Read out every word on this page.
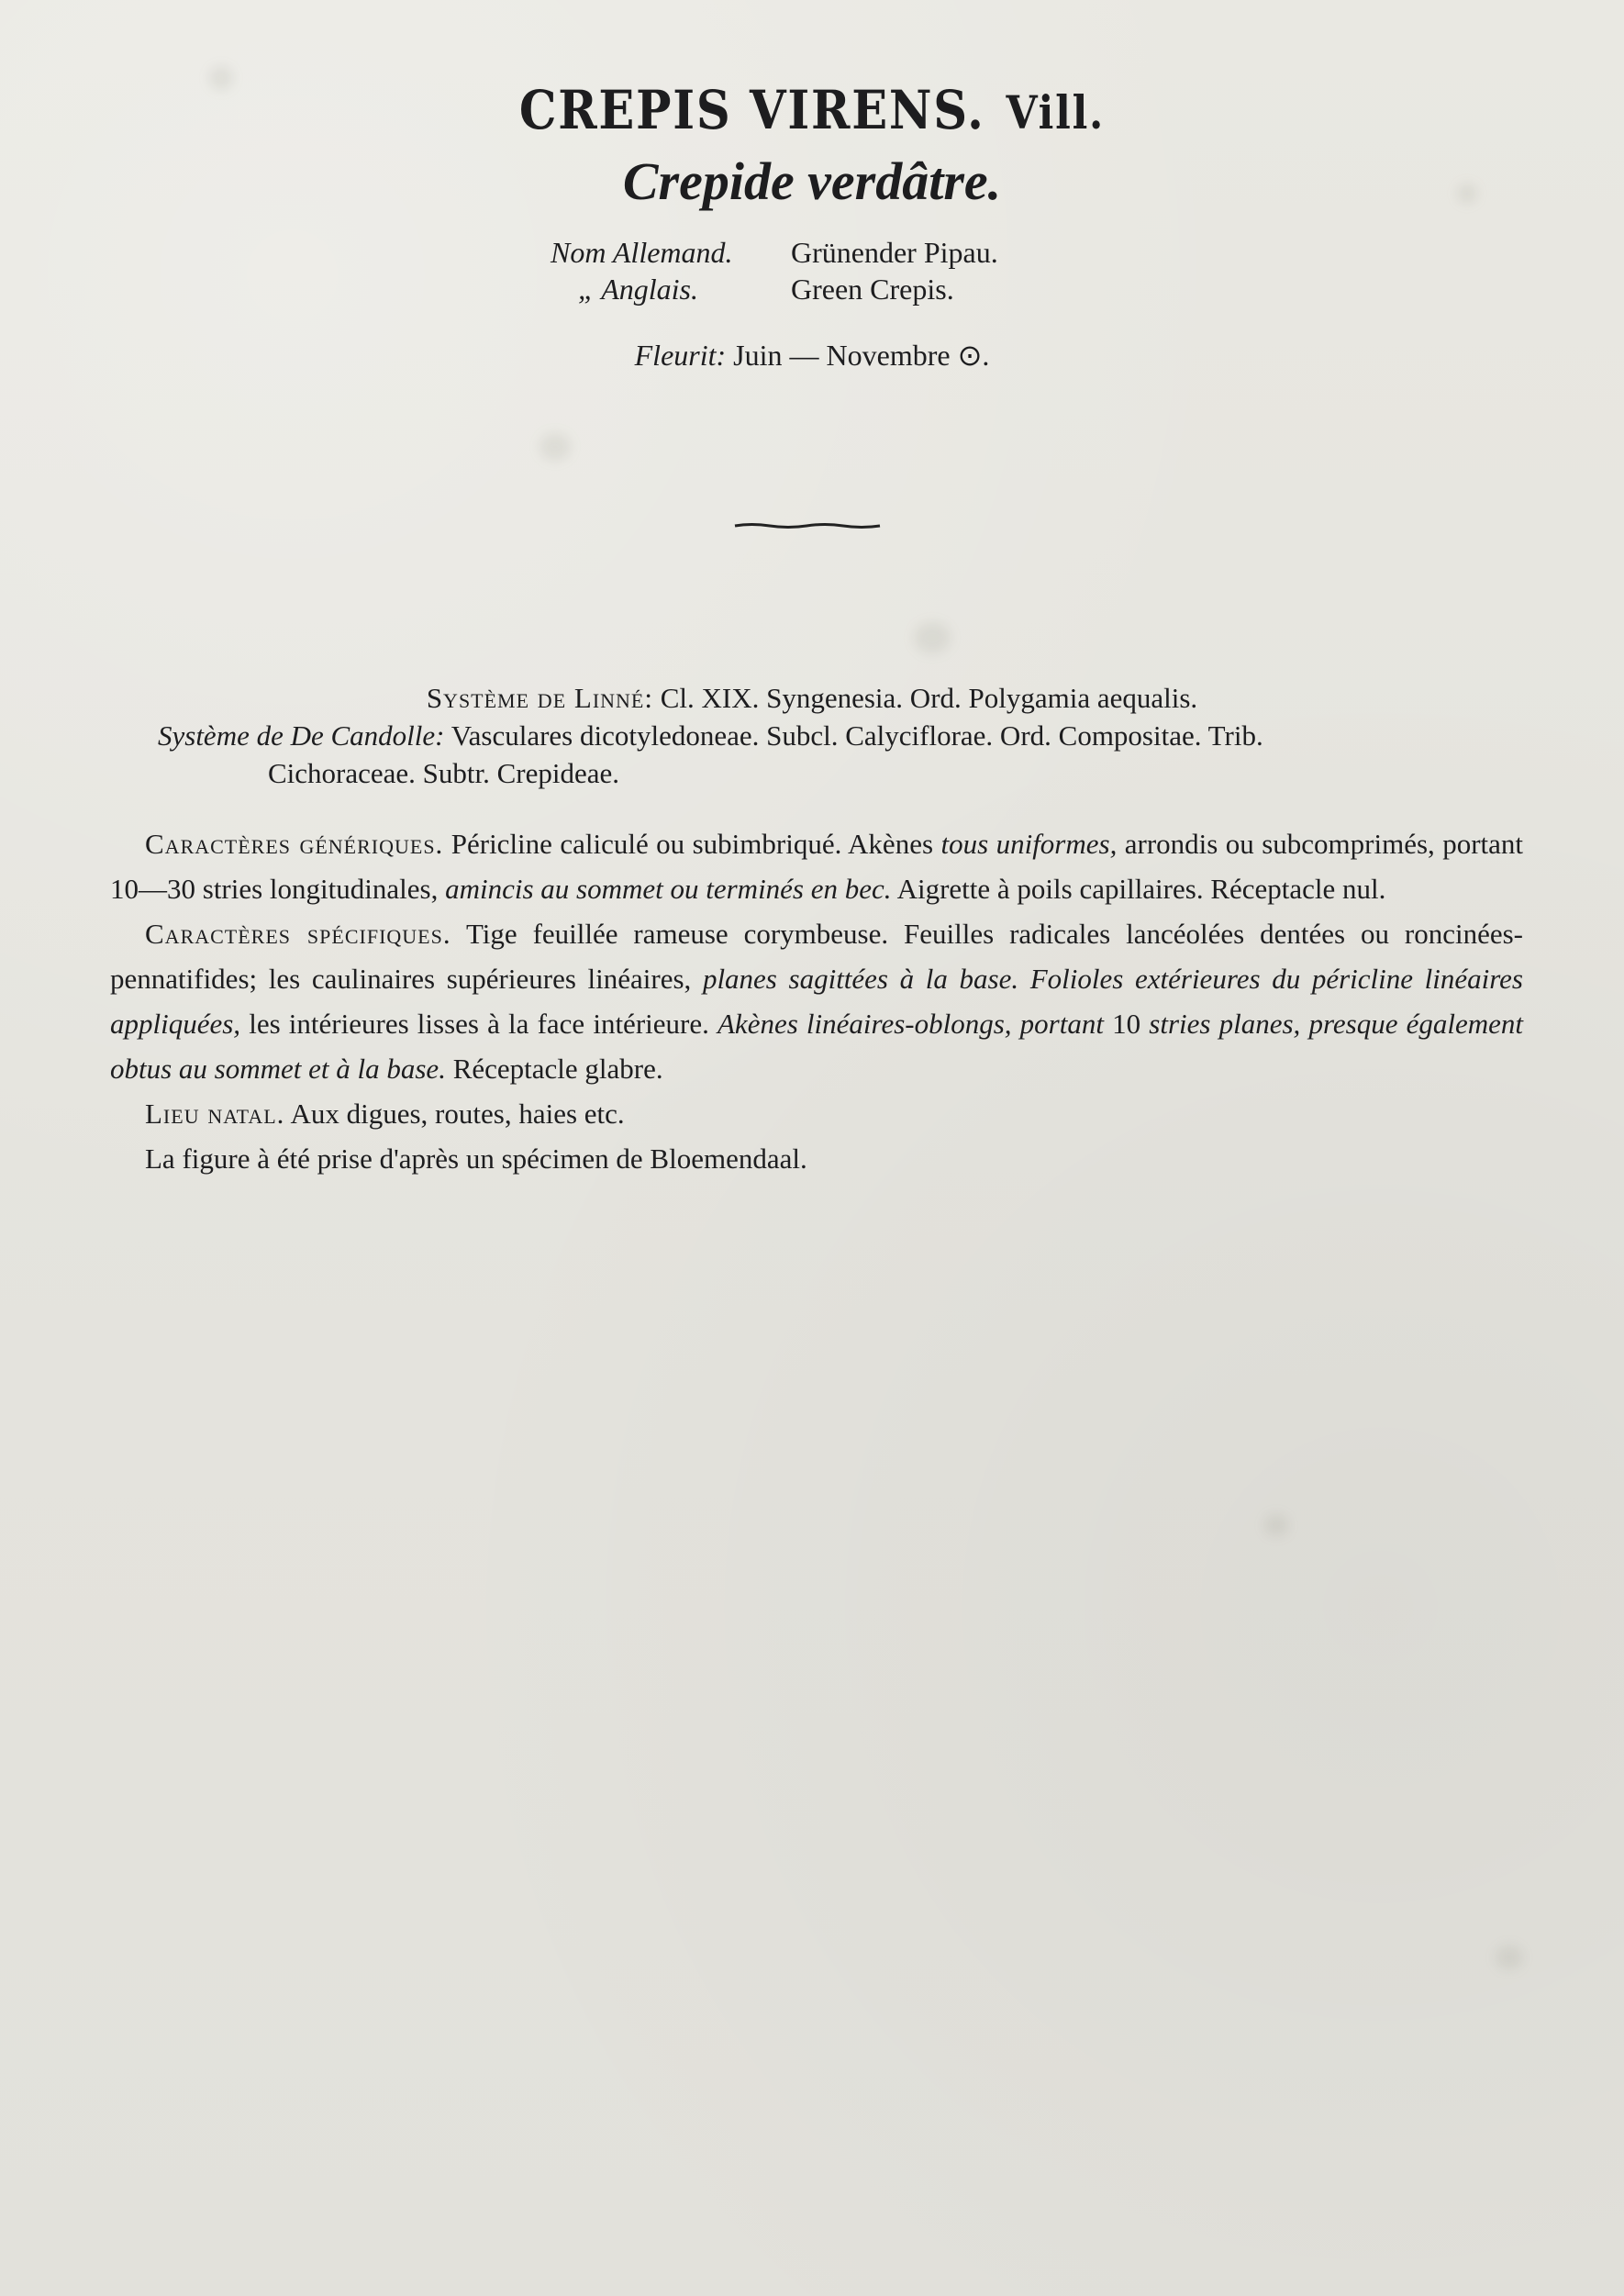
CREPIS VIRENS. Vill.
Crepide verdâtre.
Nom Allemand.	Grünender Pipau.
„ Anglais.	Green Crepis.
Fleurit: Juin — Novembre ⊙.
Système de Linné: Cl. XIX. Syngenesia. Ord. Polygamia aequalis.
Système de De Candolle: Vasculares dicotyledoneae. Subcl. Calyciflorae. Ord. Compositae. Trib.
Cichoraceae. Subtr. Crepideae.

Caractères génériques. Péricline caliculé ou subimbriqué. Akènes tous uniformes, arrondis ou subcomprimés, portant 10—30 stries longitudinales, amincis au sommet ou terminés en bec. Aigrette à poils capillaires. Réceptacle nul.

Caractères spécifiques. Tige feuillée rameuse corymbeuse. Feuilles radicales lancéolées dentées ou roncinées-pennatifides; les caulinaires supérieures linéaires, planes sagittées à la base. Folioles extérieures du péricline linéaires appliquées, les intérieures lisses à la face intérieure. Akènes linéaires-oblongs, portant 10 stries planes, presque également obtus au sommet et à la base. Réceptacle glabre.

Lieu natal. Aux digues, routes, haies etc.

La figure à été prise d'après un spécimen de Bloemendaal.
